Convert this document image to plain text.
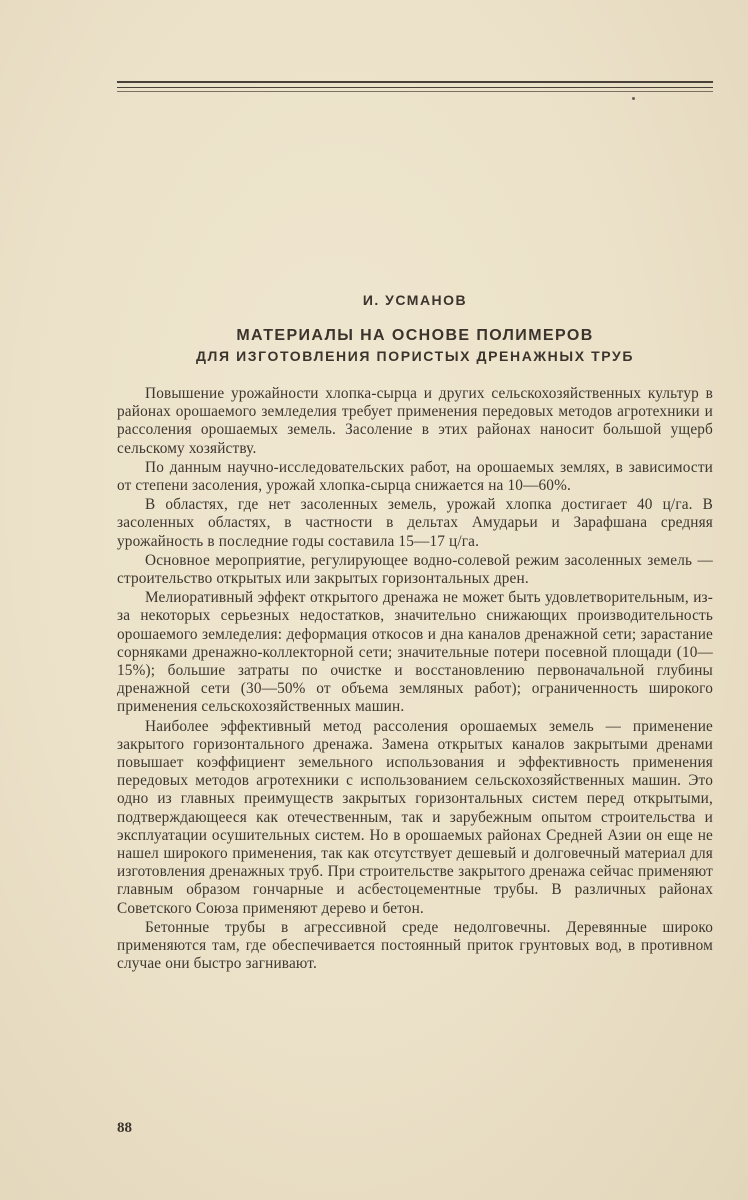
И. УСМАНОВ
МАТЕРИАЛЫ НА ОСНОВЕ ПОЛИМЕРОВ
ДЛЯ ИЗГОТОВЛЕНИЯ ПОРИСТЫХ ДРЕНАЖНЫХ ТРУБ

Повышение урожайности хлопка-сырца и других сельскохозяйственных культур в районах орошаемого земледелия требует применения передовых методов агротехники и рассоления орошаемых земель. Засоление в этих районах наносит большой ущерб сельскому хозяйству.

По данным научно-исследовательских работ, на орошаемых землях, в зависимости от степени засоления, урожай хлопка-сырца снижается на 10—60%.

В областях, где нет засоленных земель, урожай хлопка достигает 40 ц/га. В засоленных областях, в частности в дельтах Амударьи и Зарафшана средняя урожайность в последние годы составила 15—17 ц/га.

Основное мероприятие, регулирующее водно-солевой режим засоленных земель — строительство открытых или закрытых горизонтальных дрен.

Мелиоративный эффект открытого дренажа не может быть удовлетворительным, из-за некоторых серьезных недостатков, значительно снижающих производительность орошаемого земледелия: деформация откосов и дна каналов дренажной сети; зарастание сорняками дренажно-коллекторной сети; значительные потери посевной площади (10—15%); большие затраты по очистке и восстановлению первоначальной глубины дренажной сети (30—50% от объема земляных работ); ограниченность широкого применения сельскохозяйственных машин.

Наиболее эффективный метод рассоления орошаемых земель — применение закрытого горизонтального дренажа. Замена открытых каналов закрытыми дренами повышает коэффициент земельного использования и эффективность применения передовых методов агротехники с использованием сельскохозяйственных машин. Это одно из главных преимуществ закрытых горизонтальных систем перед открытыми, подтверждающееся как отечественным, так и зарубежным опытом строительства и эксплуатации осушительных систем. Но в орошаемых районах Средней Азии он еще не нашел широкого применения, так как отсутствует дешевый и долговечный материал для изготовления дренажных труб. При строительстве закрытого дренажа сейчас применяют главным образом гончарные и асбестоцементные трубы. В различных районах Советского Союза применяют дерево и бетон.

Бетонные трубы в агрессивной среде недолговечны. Деревянные широко применяются там, где обеспечивается постоянный приток грунтовых вод, в противном случае они быстро загнивают.

88
